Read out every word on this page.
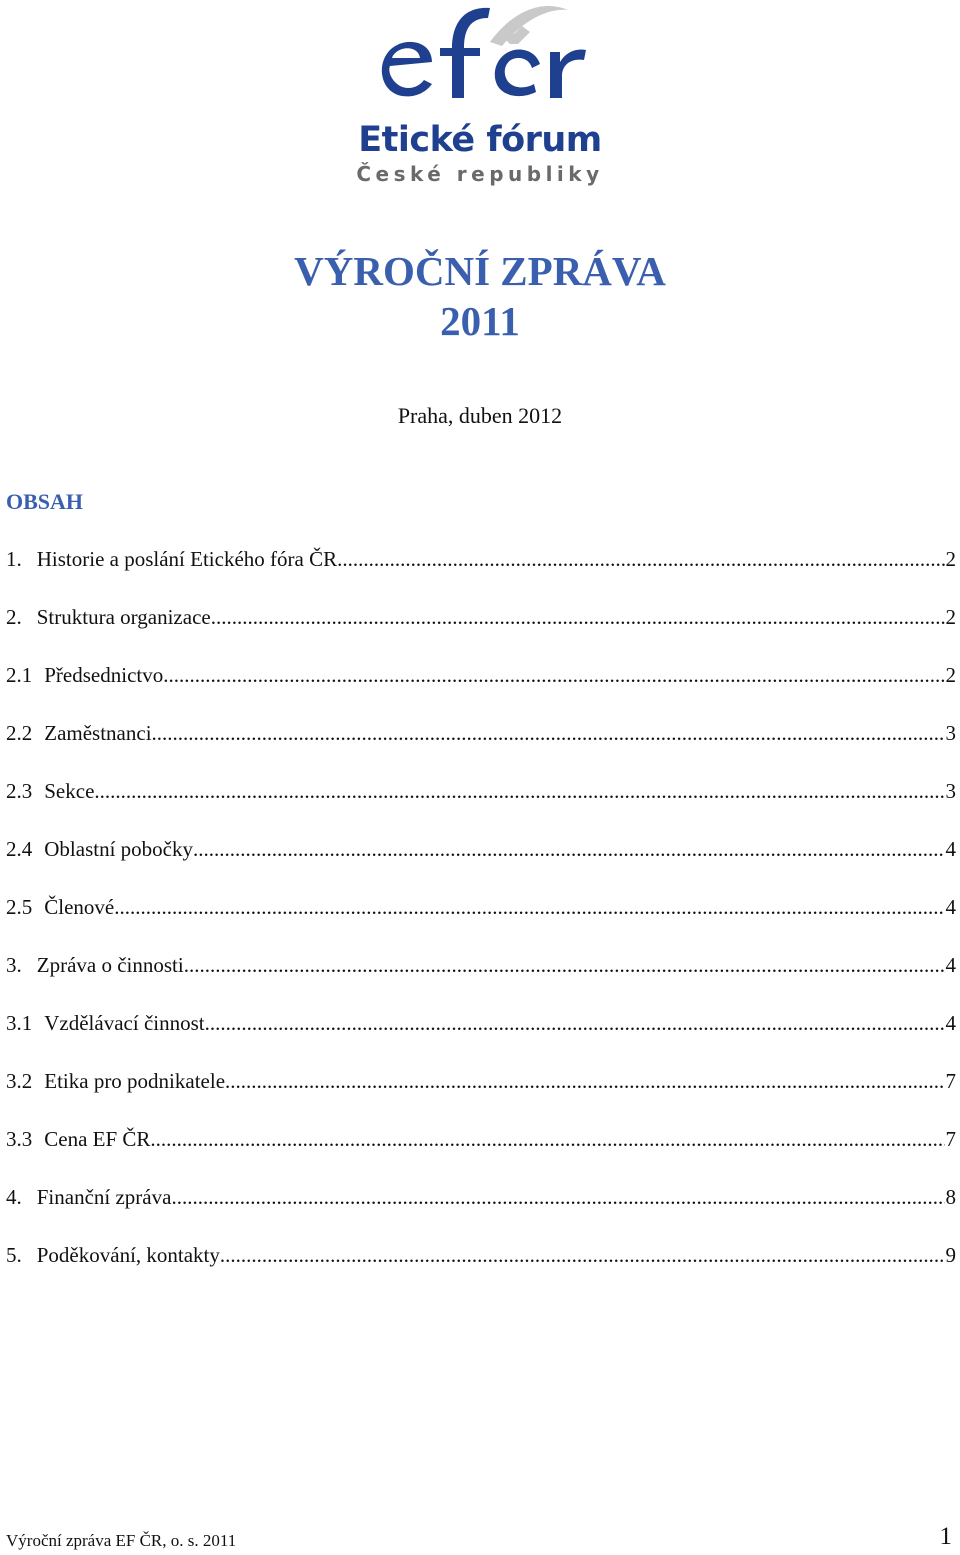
Etické fórum
České republiky
VÝROČNÍ ZPRÁVA
2011
Praha, duben 2012
OBSAH
1. Historie a poslání Etického fóra ČR .....	2
2. Struktura organizace .....	2
2.1 Předsednictvo .....	2
2.2 Zaměstnanci .....	3
2.3 Sekce .....	3
2.4 Oblastní pobočky .....	4
2.5 Členové .....	4
3. Zpráva o činnosti .....	4
3.1 Vzdělávací činnost .....	4
3.2 Etika pro podnikatele .....	7
3.3 Cena EF ČR .....	7
4. Finanční zpráva .....	8
5. Poděkování, kontakty .....	9
Výroční zpráva EF ČR, o. s. 2011	1
